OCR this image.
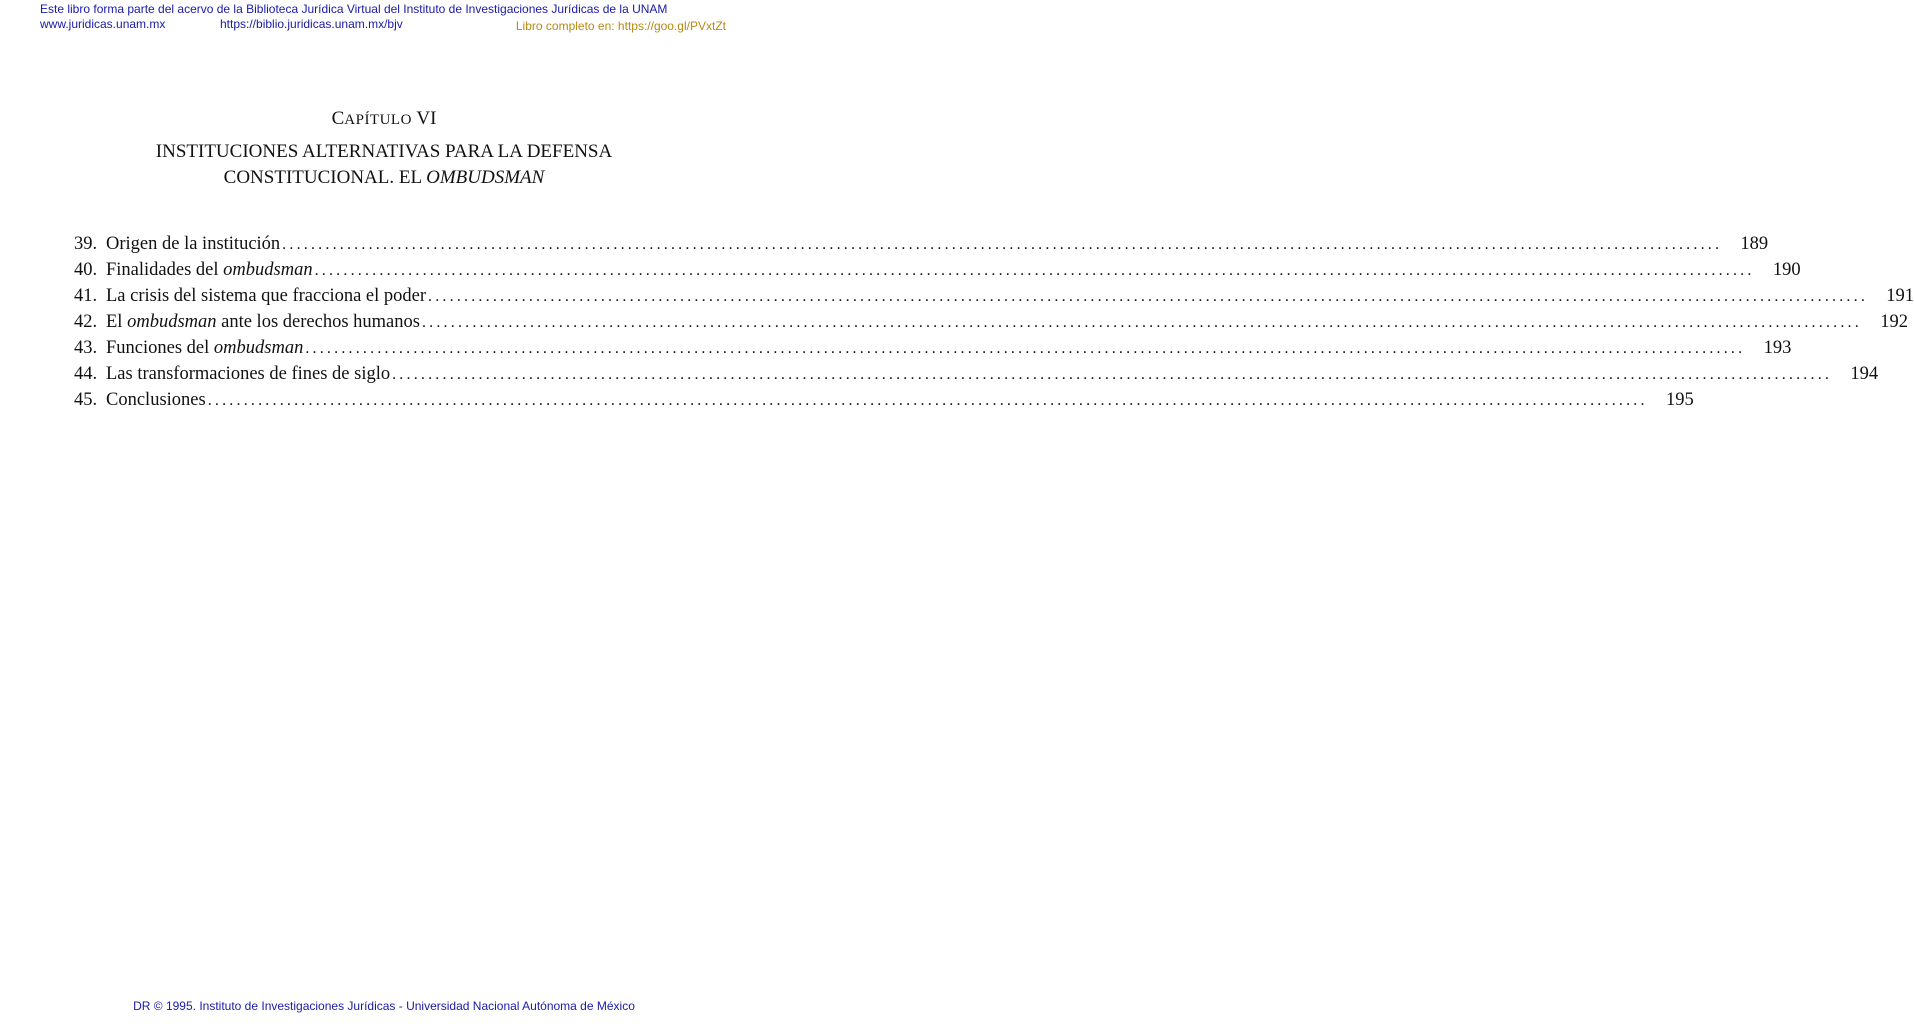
Este libro forma parte del acervo de la Biblioteca Jurídica Virtual del Instituto de Investigaciones Jurídicas de la UNAM
www.juridicas.unam.mx	https://biblio.juridicas.unam.mx/bjv	Libro completo en: https://goo.gl/PVxtZt
CAPÍTULO VI
INSTITUCIONES ALTERNATIVAS PARA LA DEFENSA
CONSTITUCIONAL. EL OMBUDSMAN
39. Origen de la institución ........................................................................................................................................................................................................ 189
40. Finalidades del ombudsman ........................................................................................................................................................................................................ 190
41. La crisis del sistema que fracciona el poder ........................................................................................................................................................................................................ 191
42. El ombudsman ante los derechos humanos ........................................................................................................................................................................................................ 192
43. Funciones del ombudsman ........................................................................................................................................................................................................ 193
44. Las transformaciones de fines de siglo ........................................................................................................................................................................................................ 194
45. Conclusiones ........................................................................................................................................................................................................ 195
DR © 1995. Instituto de Investigaciones Jurídicas - Universidad Nacional Autónoma de México
